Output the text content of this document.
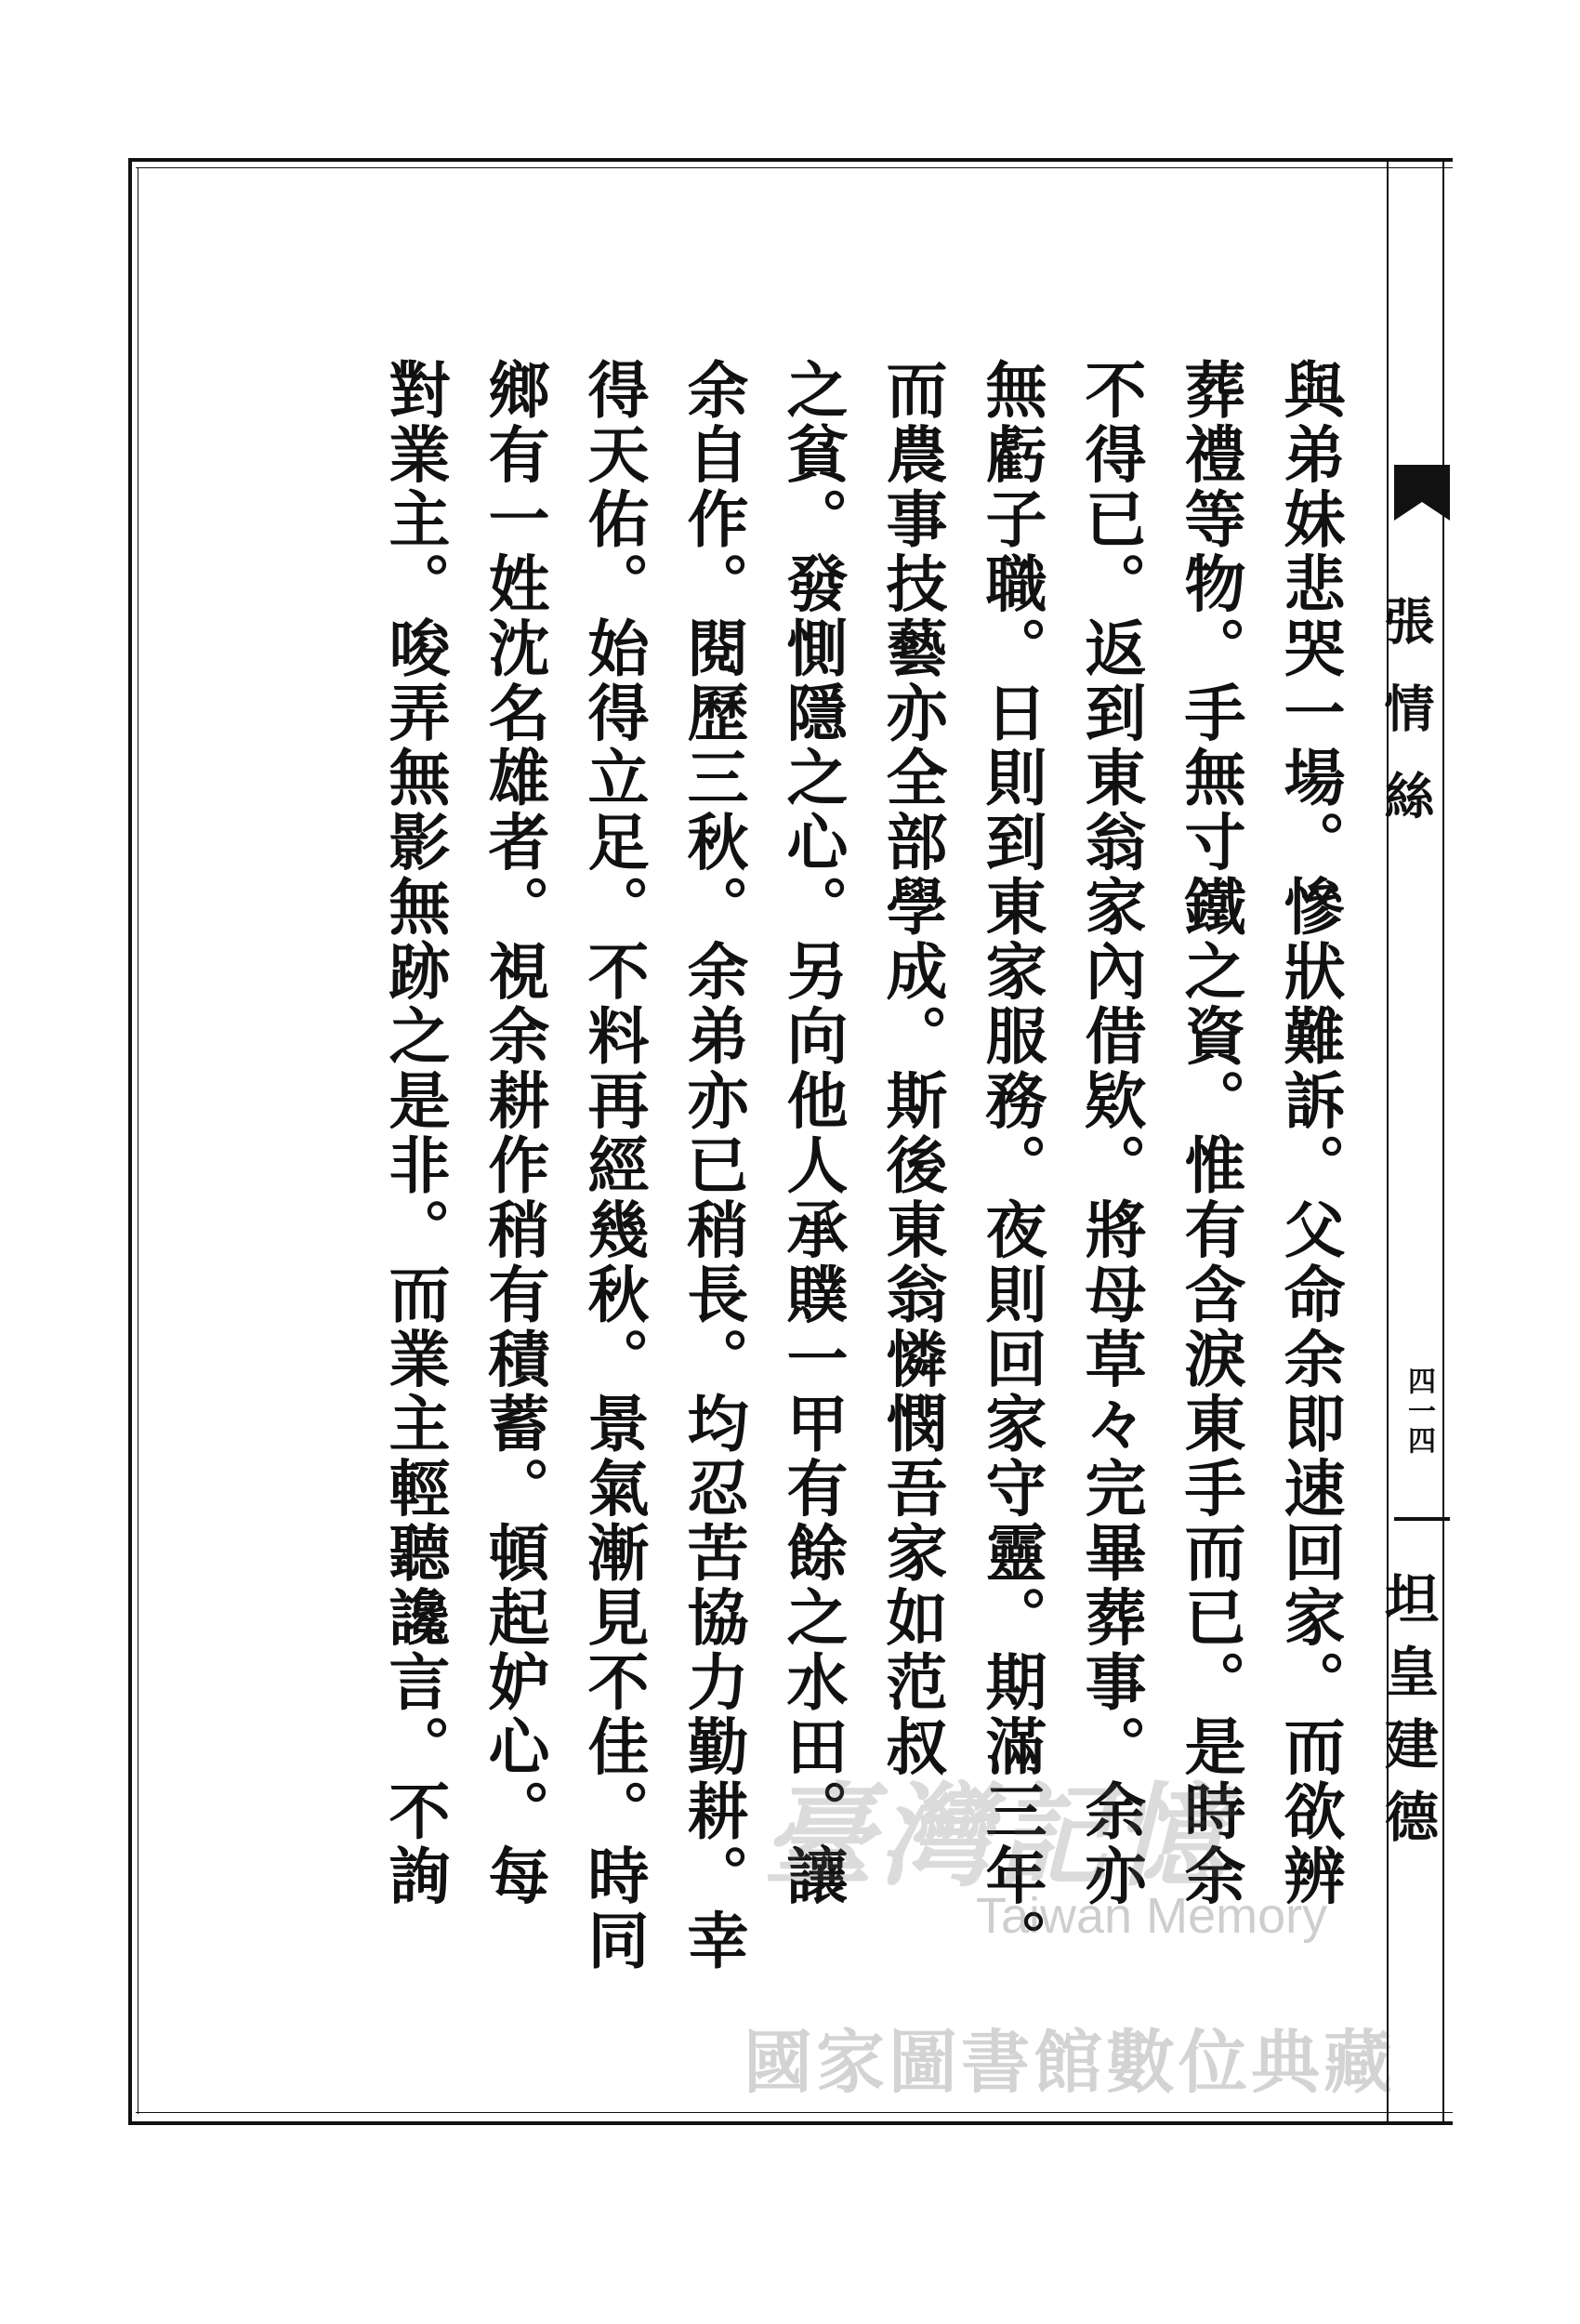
張情絲
四一四
坦皇建德
與弟妹悲哭一場。慘狀難訴。父命余即速回家。而欲辨
葬禮等物。手無寸鐵之資。惟有含淚東手而已。是時余
不得已。返到東翁家內借欵。將母草々完畢葬事。余亦
無虧子職。日則到東家服務。夜則回家守靈。期滿三年。
而農事技藝亦全部學成。斯後東翁憐憫吾家如范叔
之貧。發惻隱之心。另向他人承贌一甲有餘之水田。讓
余自作。閱歷三秋。余弟亦已稍長。均忍苦協力勤耕。幸
得天佑。始得立足。不料再經幾秋。景氣漸見不佳。時同
鄉有一姓沈名雄者。視余耕作稍有積蓄。頓起妒心。每
對業主。唆弄無影無跡之是非。而業主輕聽讒言。不詢	臺灣記憶
Taiwan Memory
國家圖書館數位典藏
